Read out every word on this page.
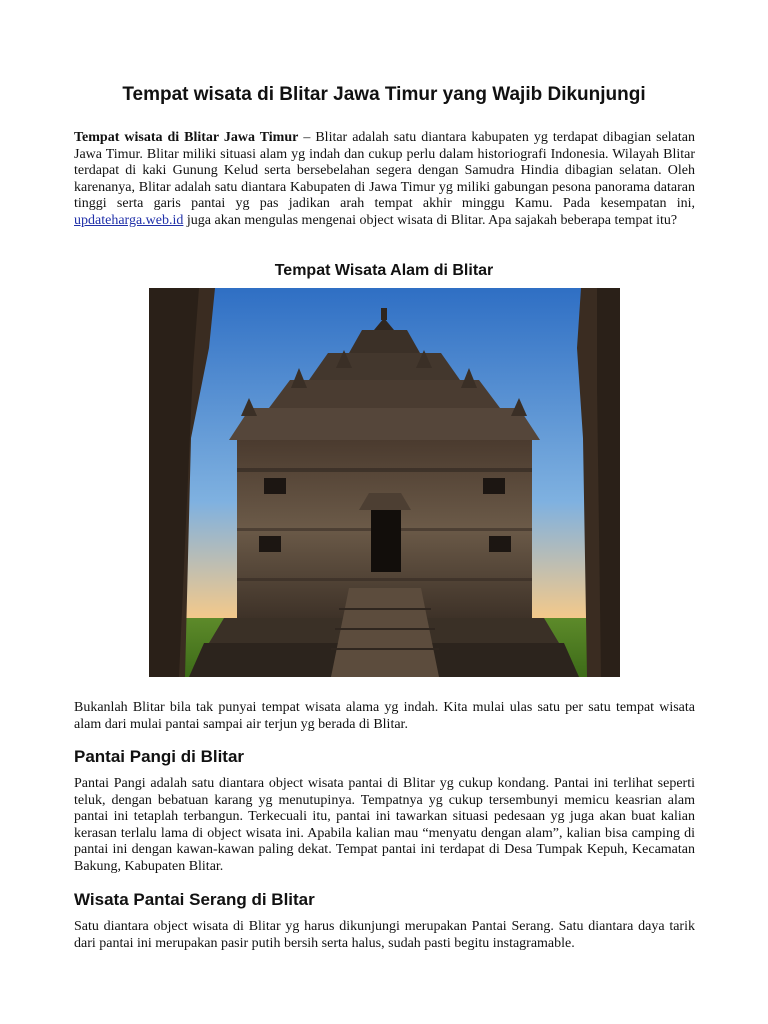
Tempat wisata di Blitar Jawa Timur yang Wajib Dikunjungi
Tempat wisata di Blitar Jawa Timur – Blitar adalah satu diantara kabupaten yg terdapat dibagian selatan Jawa Timur. Blitar miliki situasi alam yg indah dan cukup perlu dalam historiografi Indonesia. Wilayah Blitar terdapat di kaki Gunung Kelud serta bersebelahan segera dengan Samudra Hindia dibagian selatan. Oleh karenanya, Blitar adalah satu diantara Kabupaten di Jawa Timur yg miliki gabungan pesona panorama dataran tinggi serta garis pantai yg pas jadikan arah tempat akhir minggu Kamu. Pada kesempatan ini, updateharga.web.id juga akan mengulas mengenai object wisata di Blitar. Apa sajakah beberapa tempat itu?
Tempat Wisata Alam di Blitar
Bukanlah Blitar bila tak punyai tempat wisata alama yg indah. Kita mulai ulas satu per satu tempat wisata alam dari mulai pantai sampai air terjun yg berada di Blitar.
Pantai Pangi di Blitar
Pantai Pangi adalah satu diantara object wisata pantai di Blitar yg cukup kondang. Pantai ini terlihat seperti teluk, dengan bebatuan karang yg menutupinya. Tempatnya yg cukup tersembunyi memicu keasrian alam pantai ini tetaplah terbangun. Terkecuali itu, pantai ini tawarkan situasi pedesaan yg juga akan buat kalian kerasan terlalu lama di object wisata ini. Apabila kalian mau “menyatu dengan alam”, kalian bisa camping di pantai ini dengan kawan-kawan paling dekat. Tempat pantai ini terdapat di Desa Tumpak Kepuh, Kecamatan Bakung, Kabupaten Blitar.
Wisata Pantai Serang di Blitar
Satu diantara object wisata di Blitar yg harus dikunjungi merupakan Pantai Serang. Satu diantara daya tarik dari pantai ini merupakan pasir putih bersih serta halus, sudah pasti begitu instagramable.
